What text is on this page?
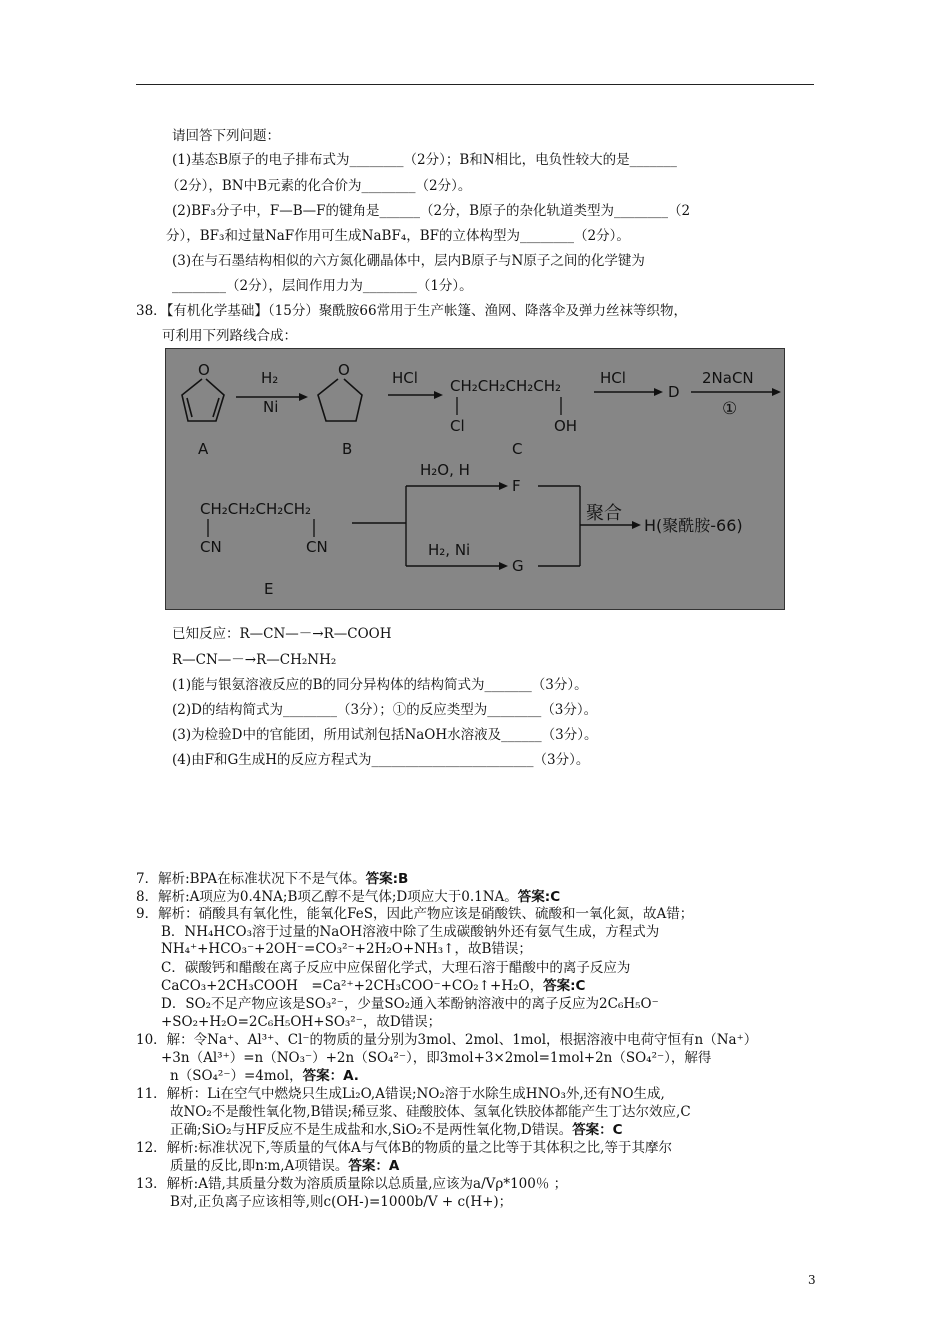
请回答下列问题：
(1)基态B原子的电子排布式为________（2分）；B和N相比，电负性较大的是_______
（2分），BN中B元素的化合价为________（2分）。
(2)BF₃分子中，F—B—F的键角是______（2分，B原子的杂化轨道类型为________（2
分），BF₃和过量NaF作用可生成NaBF₄，BF的立体构型为________（2分）。
(3)在与石墨结构相似的六方氮化硼晶体中，层内B原子与N原子之间的化学键为
________（2分），层间作用力为________（1分）。
38．【有机化学基础】（15分）聚酰胺66常用于生产帐篷、渔网、降落伞及弹力丝袜等织物，
可利用下列路线合成：
O
A
H₂
Ni
O
B
HCl CH₂CH₂CH₂CH₂
Cl	OH
C
HCl
D
2NaCN
①
CH₂CH₂CH₂CH₂
CN	CN
E
H₂O, H
H₂, Ni
F
G
聚合
H(聚酰胺-66)
已知反应：R—CN—－→R—COOH
R—CN—－→R—CH₂NH₂
(1)能与银氨溶液反应的B的同分异构体的结构简式为_______（3分）。
(2)D的结构简式为________（3分）；①的反应类型为________（3分）。
(3)为检验D中的官能团，所用试剂包括NaOH水溶液及______（3分）。
(4)由F和G生成H的反应方程式为________________________（3分）。
7．解析:BPA在标准状况下不是气体。答案:B
8．解析:A项应为0.4NA;B项乙醇不是气体;D项应大于0.1NA。答案:C
9．解析：硝酸具有氧化性，能氧化FeS，因此产物应该是硝酸铁、硫酸和一氧化氮，故A错；
B．NH₄HCO₃溶于过量的NaOH溶液中除了生成碳酸钠外还有氨气生成，方程式为
NH₄⁺+HCO₃⁻+2OH⁻=CO₃²⁻+2H₂O+NH₃↑，故B错误；
C．碳酸钙和醋酸在离子反应中应保留化学式，大理石溶于醋酸中的离子反应为
CaCO₃+2CH₃COOH　=Ca²⁺+2CH₃COO⁻+CO₂↑+H₂O，答案:C
D．SO₂不足产物应该是SO₃²⁻，少量SO₂通入苯酚钠溶液中的离子反应为2C₆H₅O⁻
+SO₂+H₂O=2C₆H₅OH+SO₃²⁻，故D错误；
10．解：令Na⁺、Al³⁺、Cl⁻的物质的量分别为3mol、2mol、1mol，根据溶液中电荷守恒有n（Na⁺）
+3n（Al³⁺）=n（NO₃⁻）+2n（SO₄²⁻），即3mol+3×2mol=1mol+2n（SO₄²⁻），解得
n（SO₄²⁻）=4mol，答案：A.
11．解析：Li在空气中燃烧只生成Li₂O,A错误;NO₂溶于水除生成HNO₃外,还有NO生成,
故NO₂不是酸性氧化物,B错误;稀豆浆、硅酸胶体、氢氧化铁胶体都能产生丁达尔效应,C
正确;SiO₂与HF反应不是生成盐和水,SiO₂不是两性氧化物,D错误。答案：C
12．解析:标准状况下,等质量的气体A与气体B的物质的量之比等于其体积之比,等于其摩尔
质量的反比,即n∶m,A项错误。答案：A
13．解析:A错,其质量分数为溶质质量除以总质量,应该为a/Vρ*100％ ；
B对,正负离子应该相等,则c(OH-)=1000b/V + c(H+)；
3
